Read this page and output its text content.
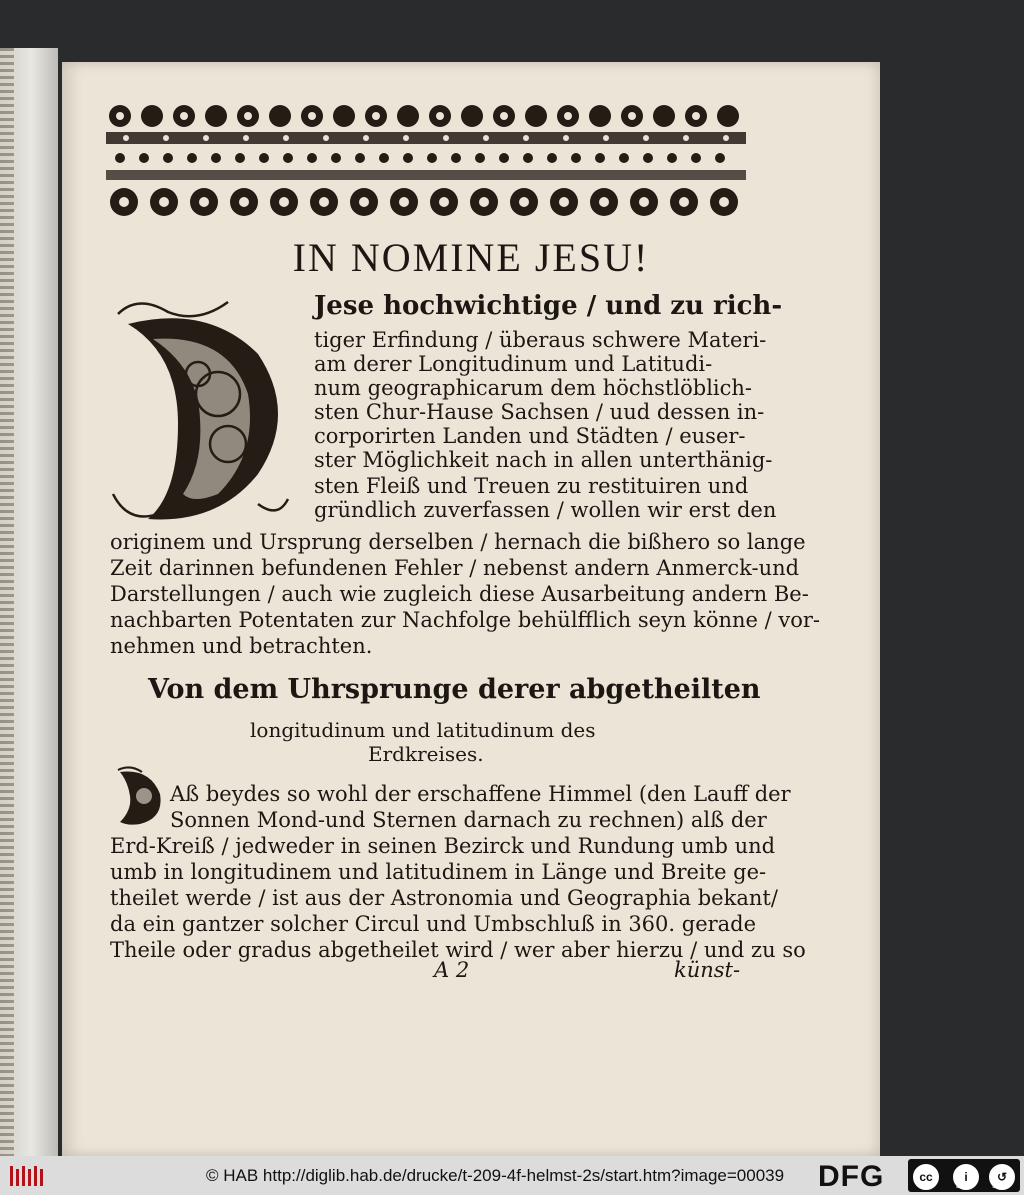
IN NOMINE JESU!
Jese hochwichtige / und zu rich-
tiger Erfindung / überaus schwere Materi-
am derer Longitudinum und Latitudi-
num geographicarum dem höchstlöblich-
sten Chur-Hause Sachsen / uud dessen in-
corporirten Landen und Städten / euser-
ster Möglichkeit nach in allen unterthänig-
sten Fleiß und Treuen zu restituiren und
gründlich zuverfassen / wollen wir erst den
originem und Ursprung derselben / hernach die bißhero so lange
Zeit darinnen befundenen Fehler / nebenst andern Anmerck-und
Darstellungen / auch wie zugleich diese Ausarbeitung andern Be-
nachbarten Potentaten zur Nachfolge behülfflich seyn könne / vor-
nehmen und betrachten.
Von dem Uhrsprunge derer abgetheilten
longitudinum und latitudinum des
Erdkreises.
Aß beydes so wohl der erschaffene Himmel (den Lauff der
Sonnen Mond-und Sternen darnach zu rechnen) alß der
Erd-Kreiß / jedweder in seinen Bezirck und Rundung umb und
umb in longitudinem und latitudinem in Länge und Breite ge-
theilet werde / ist aus der Astronomia und Geographia bekant/
da ein gantzer solcher Circul und Umbschluß in 360. gerade
Theile oder gradus abgetheilet wird / wer aber hierzu / und zu so
A 2	künst-
© HAB http://diglib.hab.de/drucke/t-209-4f-helmst-2s/start.htm?image=00039 DFG	cc	i	↺
BY	SA
